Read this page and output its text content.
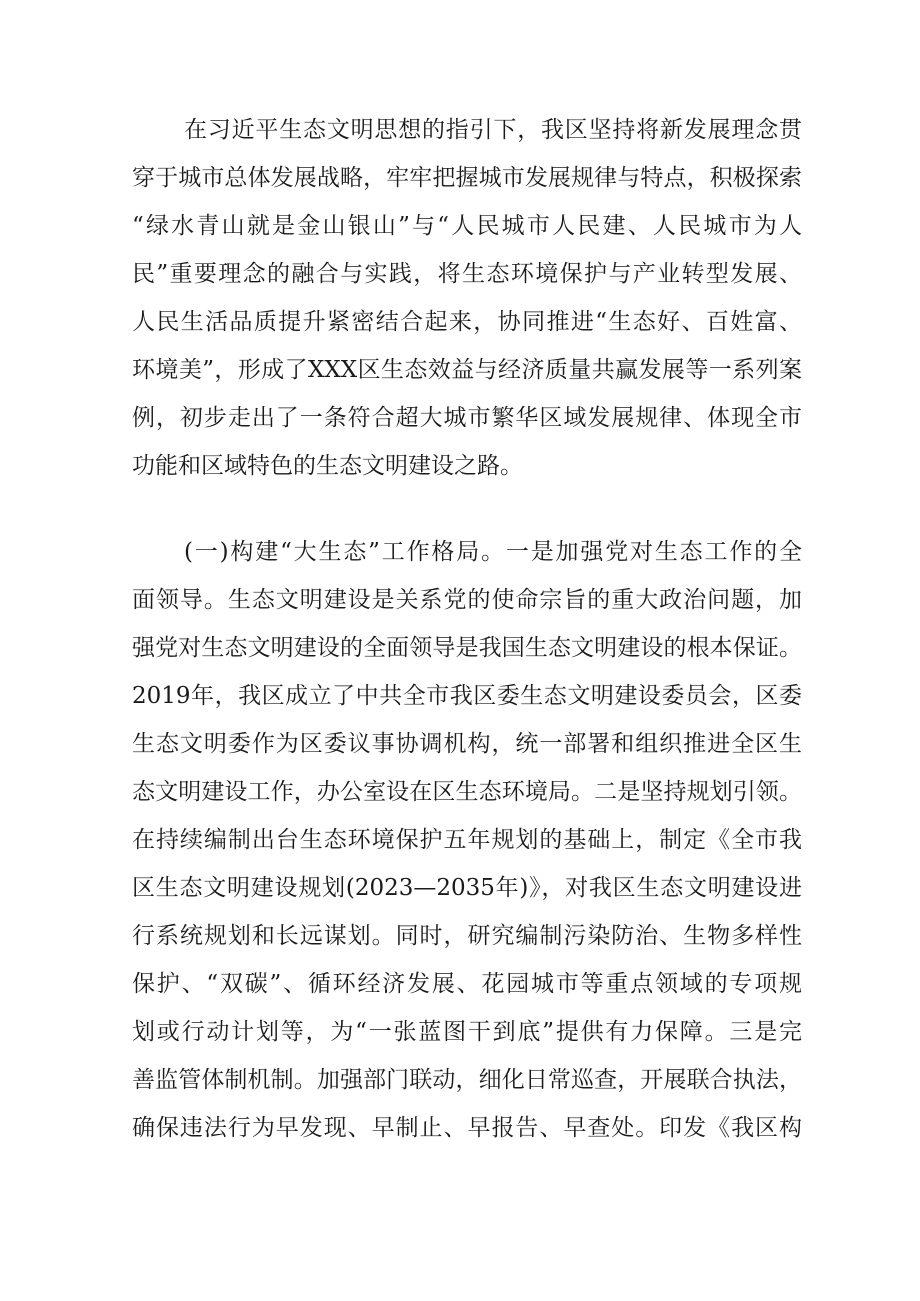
在习近平生态文明思想的指引下，我区坚持将新发展理念贯

穿于城市总体发展战略，牢牢把握城市发展规律与特点，积极探索

“绿水青山就是金山银山”与“人民城市人民建、人民城市为人

民”重要理念的融合与实践，将生态环境保护与产业转型发展、

人民生活品质提升紧密结合起来，协同推进“生态好、百姓富、

环境美”，形成了XXX区生态效益与经济质量共赢发展等一系列案

例，初步走出了一条符合超大城市繁华区域发展规律、体现全市

功能和区域特色的生态文明建设之路。

(一)构建“大生态”工作格局。一是加强党对生态工作的全

面领导。生态文明建设是关系党的使命宗旨的重大政治问题，加

强党对生态文明建设的全面领导是我国生态文明建设的根本保证。

2019年，我区成立了中共全市我区委生态文明建设委员会，区委

生态文明委作为区委议事协调机构，统一部署和组织推进全区生

态文明建设工作，办公室设在区生态环境局。二是坚持规划引领。

在持续编制出台生态环境保护五年规划的基础上，制定《全市我

区生态文明建设规划(2023—2035年)》，对我区生态文明建设进

行系统规划和长远谋划。同时，研究编制污染防治、生物多样性

保护、“双碳”、循环经济发展、花园城市等重点领域的专项规

划或行动计划等，为“一张蓝图干到底”提供有力保障。三是完

善监管体制机制。加强部门联动，细化日常巡查，开展联合执法，

确保违法行为早发现、早制止、早报告、早查处。印发《我区构
